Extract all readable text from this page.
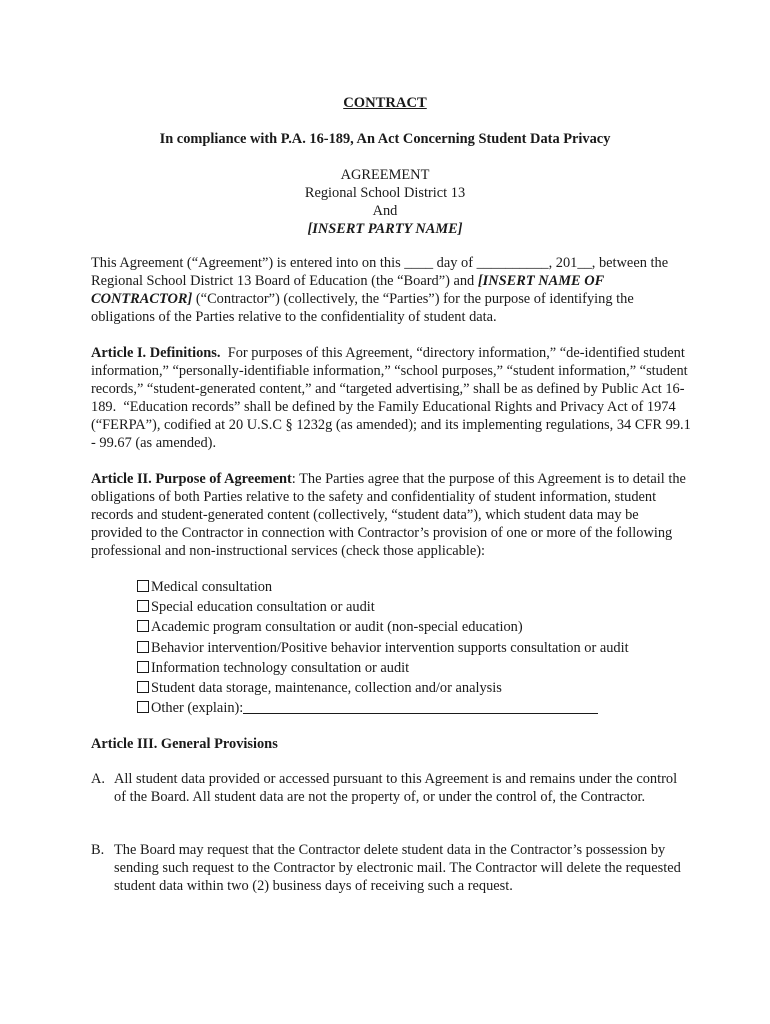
CONTRACT
In compliance with P.A. 16-189, An Act Concerning Student Data Privacy
AGREEMENT
Regional School District 13
And
[INSERT PARTY NAME]
This Agreement (“Agreement”) is entered into on this ____ day of __________, 201__, between the Regional School District 13 Board of Education (the “Board”) and [INSERT NAME OF CONTRACTOR] (“Contractor”) (collectively, the “Parties”) for the purpose of identifying the obligations of the Parties relative to the confidentiality of student data.
Article I. Definitions.  For purposes of this Agreement, “directory information,” “de-identified student information,” “personally-identifiable information,” “school purposes,” “student information,” “student records,” “student-generated content,” and “targeted advertising,” shall be as defined by Public Act 16-189.  “Education records” shall be defined by the Family Educational Rights and Privacy Act of 1974 (“FERPA”), codified at 20 U.S.C § 1232g (as amended); and its implementing regulations, 34 CFR 99.1 - 99.67 (as amended).
Article II. Purpose of Agreement: The Parties agree that the purpose of this Agreement is to detail the obligations of both Parties relative to the safety and confidentiality of student information, student records and student-generated content (collectively, “student data”), which student data may be provided to the Contractor in connection with Contractor’s provision of one or more of the following professional and non-instructional services (check those applicable):
Medical consultation
Special education consultation or audit
Academic program consultation or audit (non-special education)
Behavior intervention/Positive behavior intervention supports consultation or audit
Information technology consultation or audit
Student data storage, maintenance, collection and/or analysis
Other (explain):
Article III. General Provisions
A. All student data provided or accessed pursuant to this Agreement is and remains under the control of the Board. All student data are not the property of, or under the control of, the Contractor.
B. The Board may request that the Contractor delete student data in the Contractor’s possession by sending such request to the Contractor by electronic mail. The Contractor will delete the requested student data within two (2) business days of receiving such a request.
